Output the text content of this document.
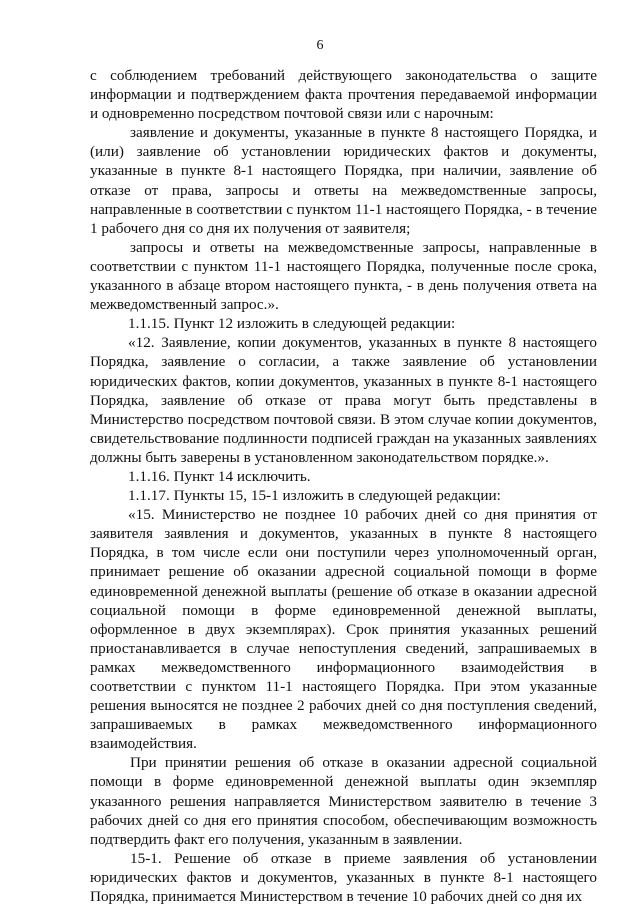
6

с соблюдением требований действующего законодательства о защите информации и подтверждением факта прочтения передаваемой информации и одновременно посредством почтовой связи или с нарочным:

заявление и документы, указанные в пункте 8 настоящего Порядка, и (или) заявление об установлении юридических фактов и документы, указанные в пункте 8-1 настоящего Порядка, при наличии, заявление об отказе от права, запросы и ответы на межведомственные запросы, направленные в соответствии с пунктом 11-1 настоящего Порядка, - в течение 1 рабочего дня со дня их получения от заявителя;

запросы и ответы на межведомственные запросы, направленные в соответствии с пунктом 11-1 настоящего Порядка, полученные после срока, указанного в абзаце втором настоящего пункта, - в день получения ответа на межведомственный запрос.».

1.1.15. Пункт 12 изложить в следующей редакции:

«12. Заявление, копии документов, указанных в пункте 8 настоящего Порядка, заявление о согласии, а также заявление об установлении юридических фактов, копии документов, указанных в пункте 8-1 настоящего Порядка, заявление об отказе от права могут быть представлены в Министерство посредством почтовой связи. В этом случае копии документов, свидетельствование подлинности подписей граждан на указанных заявлениях должны быть заверены в установленном законодательством порядке.».

1.1.16. Пункт 14 исключить.

1.1.17. Пункты 15, 15-1 изложить в следующей редакции:

«15. Министерство не позднее 10 рабочих дней со дня принятия от заявителя заявления и документов, указанных в пункте 8 настоящего Порядка, в том числе если они поступили через уполномоченный орган, принимает решение об оказании адресной социальной помощи в форме единовременной денежной выплаты (решение об отказе в оказании адресной социальной помощи в форме единовременной денежной выплаты, оформленное в двух экземплярах). Срок принятия указанных решений приостанавливается в случае непоступления сведений, запрашиваемых в рамках межведомственного информационного взаимодействия в соответствии с пунктом 11-1 настоящего Порядка. При этом указанные решения выносятся не позднее 2 рабочих дней со дня поступления сведений, запрашиваемых в рамках межведомственного информационного взаимодействия.

При принятии решения об отказе в оказании адресной социальной помощи в форме единовременной денежной выплаты один экземпляр указанного решения направляется Министерством заявителю в течение 3 рабочих дней со дня его принятия способом, обеспечивающим возможность подтвердить факт его получения, указанным в заявлении.

15-1. Решение об отказе в приеме заявления об установлении юридических фактов и документов, указанных в пункте 8-1 настоящего Порядка, принимается Министерством в течение 10 рабочих дней со дня их
